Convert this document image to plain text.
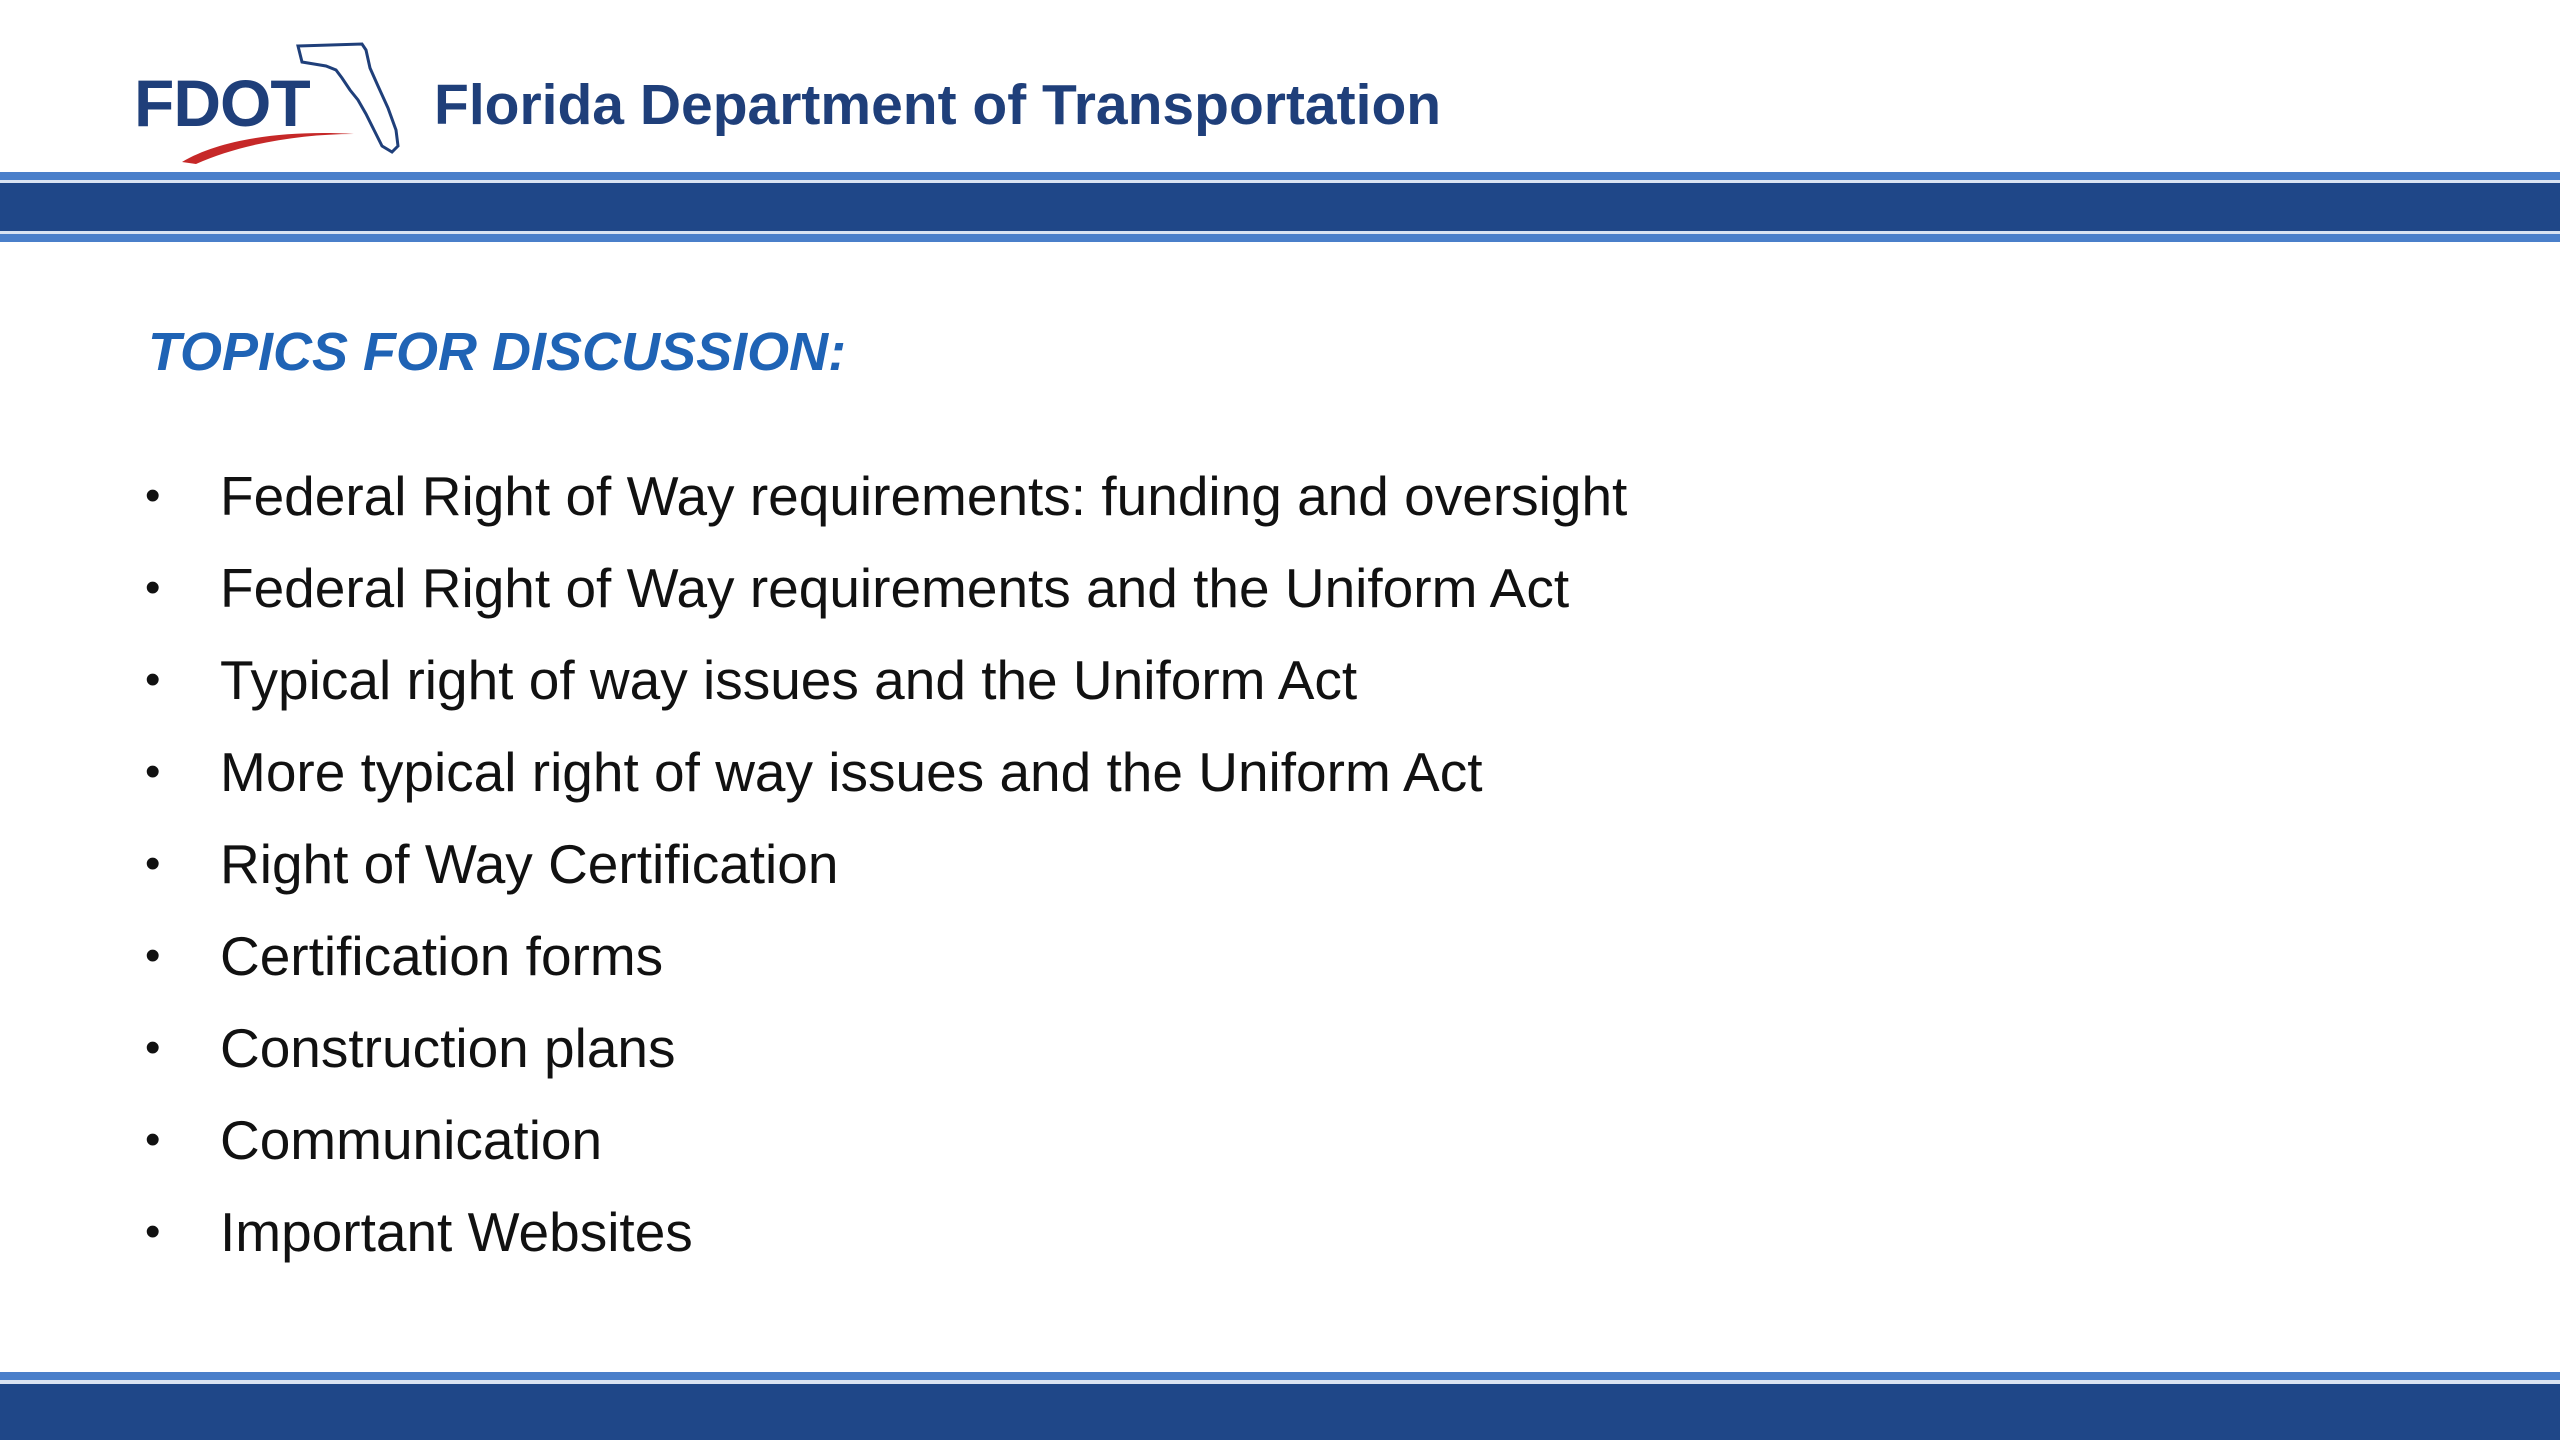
FDOT Florida Department of Transportation
TOPICS FOR DISCUSSION:
• Federal Right of Way requirements: funding and oversight
• Federal Right of Way requirements and the Uniform Act
• Typical right of way issues and the Uniform Act
• More typical right of way issues and the Uniform Act
• Right of Way Certification
• Certification forms
• Construction plans
• Communication
• Important Websites
